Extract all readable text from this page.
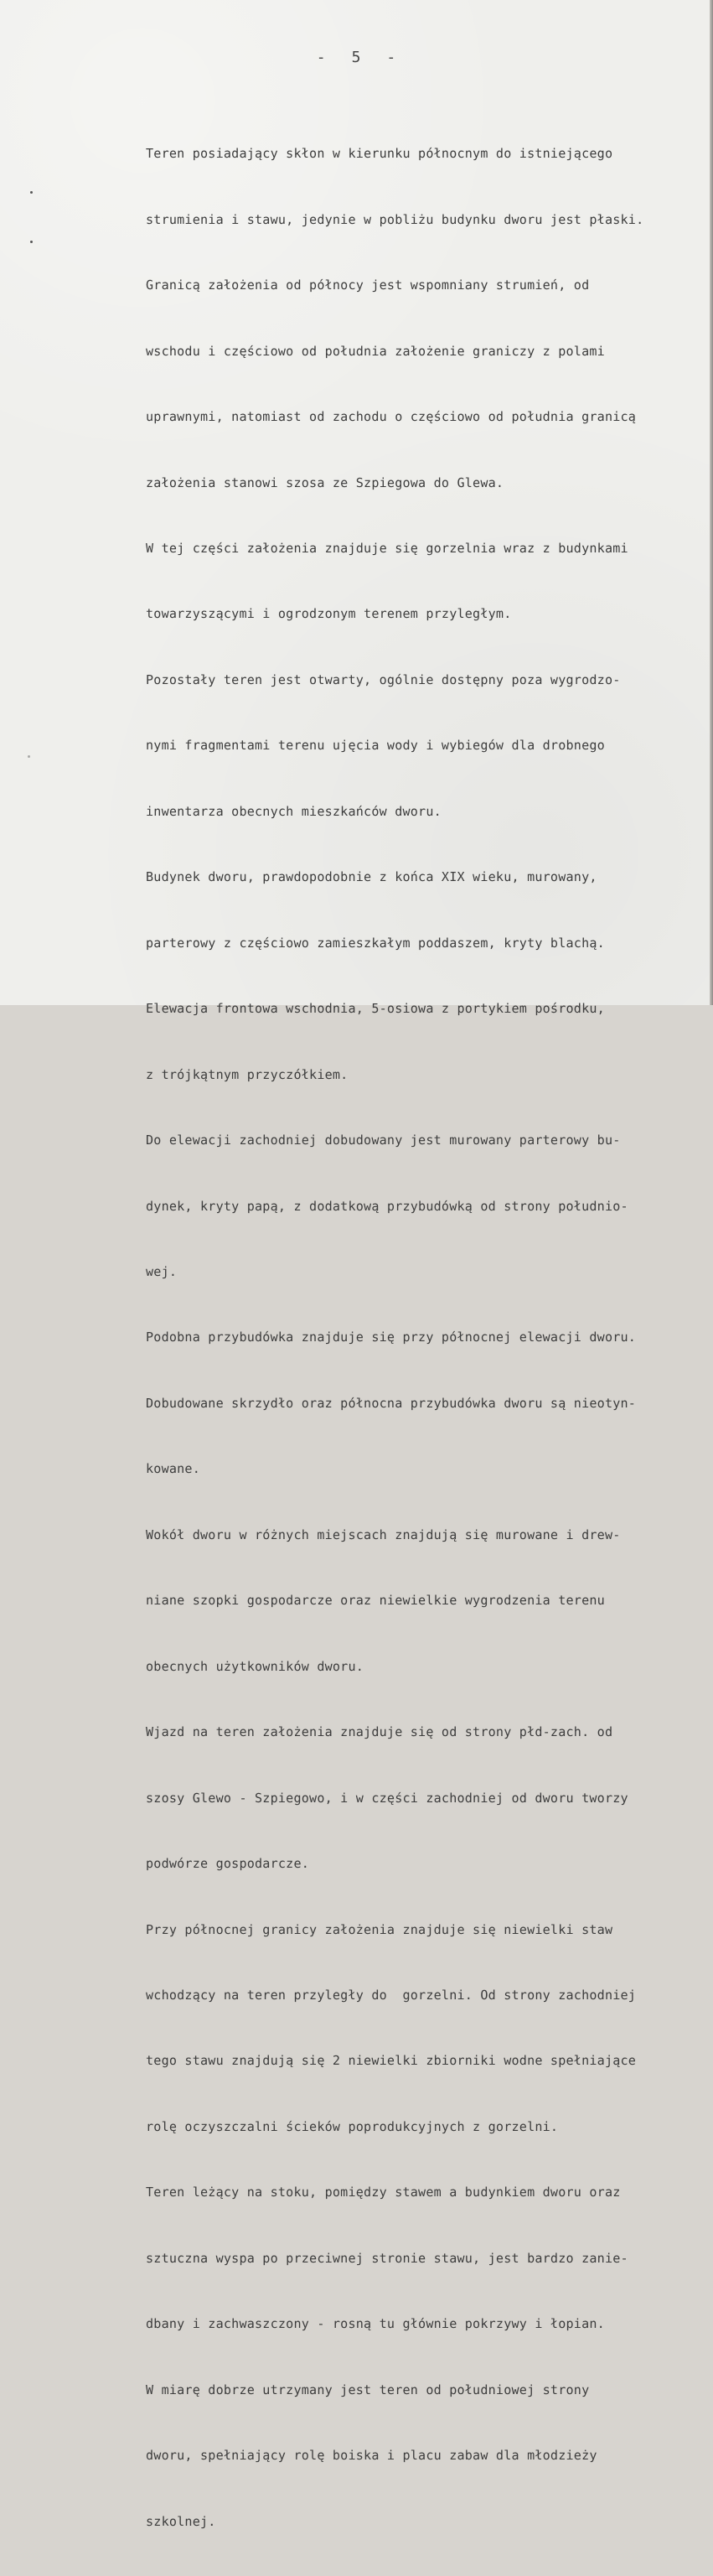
- 5 -

Teren posiadający skłon w kierunku północnym do istniejącego

strumienia i stawu, jedynie w pobliżu budynku dworu jest płaski.

Granicą założenia od północy jest wspomniany strumień, od

wschodu i częściowo od południa założenie graniczy z polami

uprawnymi, natomiast od zachodu o częściowo od południa granicą

założenia stanowi szosa ze Szpiegowa do Glewa.

W tej części założenia znajduje się gorzelnia wraz z budynkami

towarzyszącymi i ogrodzonym terenem przyległym.

Pozostały teren jest otwarty, ogólnie dostępny poza wygrodzo-

nymi fragmentami terenu ujęcia wody i wybiegów dla drobnego

inwentarza obecnych mieszkańców dworu.

Budynek dworu, prawdopodobnie z końca XIX wieku, murowany,

parterowy z częściowo zamieszkałym poddaszem, kryty blachą.

Elewacja frontowa wschodnia, 5-osiowa z portykiem pośrodku,

z trójkątnym przyczółkiem.

Do elewacji zachodniej dobudowany jest murowany parterowy bu-

dynek, kryty papą, z dodatkową przybudówką od strony południo-

wej.

Podobna przybudówka znajduje się przy północnej elewacji dworu.

Dobudowane skrzydło oraz północna przybudówka dworu są nieotyn-

kowane.

Wokół dworu w różnych miejscach znajdują się murowane i drew-

niane szopki gospodarcze oraz niewielkie wygrodzenia terenu

obecnych użytkowników dworu.

Wjazd na teren założenia znajduje się od strony płd-zach. od

szosy Glewo - Szpiegowo, i w części zachodniej od dworu tworzy

podwórze gospodarcze.

Przy północnej granicy założenia znajduje się niewielki staw

wchodzący na teren przyległy do  gorzelni. Od strony zachodniej

tego stawu znajdują się 2 niewielki zbiorniki wodne spełniające

rolę oczyszczalni ścieków poprodukcyjnych z gorzelni.

Teren leżący na stoku, pomiędzy stawem a budynkiem dworu oraz

sztuczna wyspa po przeciwnej stronie stawu, jest bardzo zanie-

dbany i zachwaszczony - rosną tu głównie pokrzywy i łopian.

W miarę dobrze utrzymany jest teren od południowej strony

dworu, spełniający rolę boiska i placu zabaw dla młodzieży

szkolnej.
